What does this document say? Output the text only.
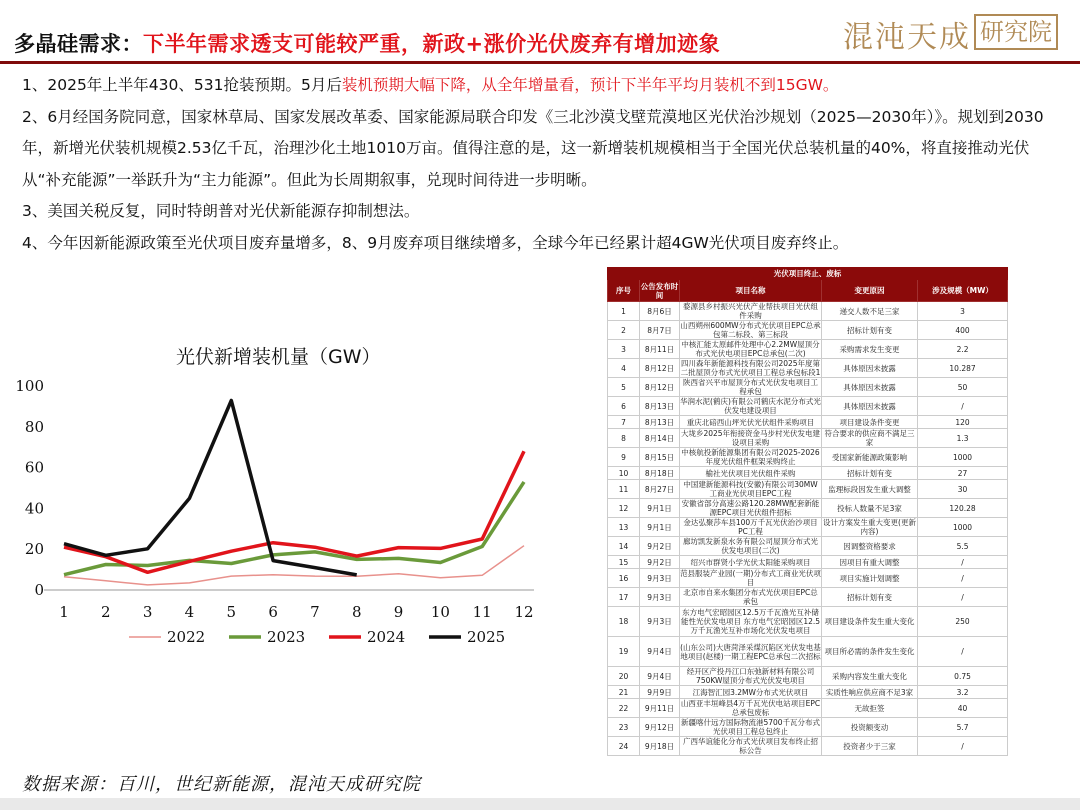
多晶硅需求：下半年需求透支可能较严重，新政+涨价光伏废弃有增加迹象	混沌天成 研究院

1、2025年上半年430、531抢装预期。5月后装机预期大幅下降，从全年增量看，预计下半年平均月装机不到15GW。

2、6月经国务院同意，国家林草局、国家发展改革委、国家能源局联合印发《三北沙漠戈壁荒漠地区光伏治沙规划（2025—2030年）》。规划到2030年，新增光伏装机规模2.53亿千瓦，治理沙化土地1010万亩。值得注意的是，这一新增装机规模相当于全国光伏总装机量的40%，将直接推动光伏从“补充能源”一举跃升为“主力能源”。但此为长周期叙事，兑现时间待进一步明晰。

3、美国关税反复，同时特朗普对光伏新能源存抑制想法。

4、今年因新能源政策至光伏项目废弃量增多，8、9月废弃项目继续增多，全球今年已经累计超4GW光伏项目废弃终止。

光伏新增装机量（GW）
0
20
40
60
80
100
1 2 3 4 5 6 7 8 9 10 11 12
2022	2023	2024	2025
光伏项目终止、废标				
序号	公告发布时间	项目名称	变更原因	涉及规模（MW）
1	8月6日	婺源县乡村振兴光伏产业帮扶项目光伏组件采购	递交人数不足三家	3
2	8月7日	山西朔州600MW分布式光伏项目EPC总承包第二标段、第三标段	招标计划有变	400
3	8月11日	中核汇能太原邮件处理中心2.2MW屋顶分布式光伏电项目EPC总承包(二次)	采购需求发生变更	2.2
4	8月12日	四川森年新能源科技有限公司2025年度第二批屋顶分布式光伏项目工程总承包标段1	具体原因未披露	10.287
5	8月12日	陕西省兴平市屋顶分布式光伏发电项目工程承包	具体原因未披露	50
6	8月13日	华润水泥(鹤庆)有限公司鹤庆水泥分布式光伏发电建设项目	具体原因未披露	/
7	8月13日	重庆北碚西山坪光伏光伏组件采购项目	项目建设条件变更	120
8	8月14日	大垅乡2025年衔接资金马步村光伏发电建设项目采购	符合要求的供应商不满足三家	1.3
9	8月15日	中核航投新能源集团有限公司2025-2026年度光伏组件框架采购终止	受国家新能源政策影响	1000
10	8月18日	榆社光伏项目光伏组件采购	招标计划有变	27
11	8月27日	中国建新能源科技(安徽)有限公司30MW工商业光伏项目EPC工程	监理标段因发生重大调整	30
12	9月1日	安徽省部分高速公路120.28MW配套新能源EPC项目光伏组件招标	投标人数量不足3家	120.28
13	9月1日	金达弘聚莎车县100万千瓦光伏治沙项目PC工程	设计方案发生重大变更(更新内容)	1000
14	9月2日	廊坊凯发新泉水务有限公司屋顶分布式光伏发电项目(二次)	因调整资格要求	5.5
15	9月2日	绍兴市群贤小学光伏太阳能采购项目	因项目有重大调整	/
16	9月3日	范县服装产业园(一期)分布式工商业光伏项目	项目实施计划调整	/
17	9月3日	北京市自来水集团分布式光伏项目EPC总承包	招标计划有变	/
18	9月3日	东方电气宏昭园区12.5万千瓦渔光互补储能性光伏发电项目 东方电气宏昭园区12.5万千瓦渔光互补市场化光伏发电项目	项目建设条件发生重大变化	250
19	9月4日	(山东公司)大唐菏泽采煤沉陷区光伏发电基地项目(赵楼)一期工程EPC总承包二次招标	项目所必需的条件发生变化	/
20	9月4日	经开区产投丹江口东弛新材料有限公司750KW屋顶分布式光伏发电项目	采购内容发生重大变化	0.75
21	9月9日	江海智汇园3.2MW分布式光伏项目	实质性响应供应商不足3家	3.2
22	9月11日	山西亚丰垣峰县4万千瓦光伏电站项目EPC总承包废标	无故拒签	40
23	9月12日	新疆喀什远方国际物流港5700千瓦分布式光伏项目工程总包终止	投资额变动	5.7
24	9月18日	广西华谊能化分布式光伏项目发布终止招标公告	投资者少于三家	/
数据来源：百川，世纪新能源，混沌天成研究院
